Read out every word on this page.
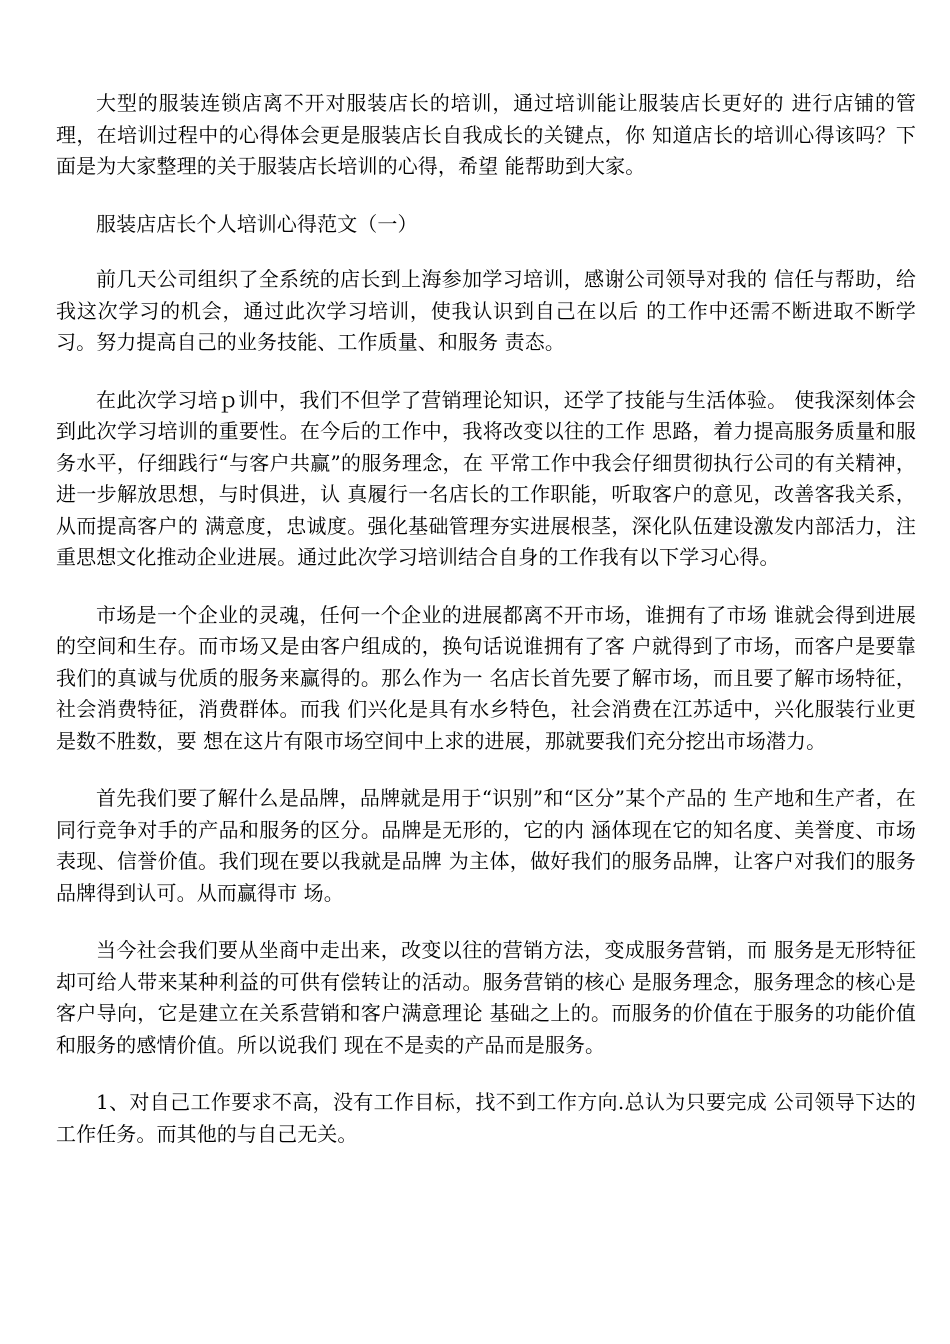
大型的服装连锁店离不开对服装店长的培训，通过培训能让服装店长更好的 进行店铺的管理，在培训过程中的心得体会更是服装店长自我成长的关键点，你 知道店长的培训心得该吗？下面是为大家整理的关于服装店长培训的心得，希望 能帮助到大家。

服装店店长个人培训心得范文（一）

前几天公司组织了全系统的店长到上海参加学习培训，感谢公司领导对我的 信任与帮助，给我这次学习的机会，通过此次学习培训，使我认识到自己在以后 的工作中还需不断进取不断学习。努力提高自己的业务技能、工作质量、和服务 责态。

在此次学习培ｐ训中，我们不但学了营销理论知识，还学了技能与生活体验。 使我深刻体会到此次学习培训的重要性。在今后的工作中，我将改变以往的工作 思路，着力提高服务质量和服务水平，仔细践行“与客户共赢”的服务理念，在 平常工作中我会仔细贯彻执行公司的有关精神，进一步解放思想，与时俱进，认 真履行一名店长的工作职能，听取客户的意见，改善客我关系，从而提高客户的 满意度，忠诚度。强化基础管理夯实进展根茎，深化队伍建设激发内部活力，注 重思想文化推动企业进展。通过此次学习培训结合自身的工作我有以下学习心得。

市场是一个企业的灵魂，任何一个企业的进展都离不开市场，谁拥有了市场 谁就会得到进展的空间和生存。而市场又是由客户组成的，换句话说谁拥有了客 户就得到了市场，而客户是要靠我们的真诚与优质的服务来赢得的。那么作为一 名店长首先要了解市场，而且要了解市场特征，社会消费特征，消费群体。而我 们兴化是具有水乡特色，社会消费在江苏适中，兴化服装行业更是数不胜数，要 想在这片有限市场空间中上求的进展，那就要我们充分挖出市场潜力。

首先我们要了解什么是品牌，品牌就是用于“识别”和“区分”某个产品的 生产地和生产者，在同行竞争对手的产品和服务的区分。品牌是无形的，它的内 涵体现在它的知名度、美誉度、市场表现、信誉价值。我们现在要以我就是品牌 为主体，做好我们的服务品牌，让客户对我们的服务品牌得到认可。从而赢得市 场。

当今社会我们要从坐商中走出来，改变以往的营销方法，变成服务营销，而 服务是无形特征却可给人带来某种利益的可供有偿转让的活动。服务营销的核心 是服务理念，服务理念的核心是客户导向，它是建立在关系营销和客户满意理论 基础之上的。而服务的价值在于服务的功能价值和服务的感情价值。所以说我们 现在不是卖的产品而是服务。

1、对自己工作要求不高，没有工作目标，找不到工作方向.总认为只要完成 公司领导下达的工作任务。而其他的与自己无关。
